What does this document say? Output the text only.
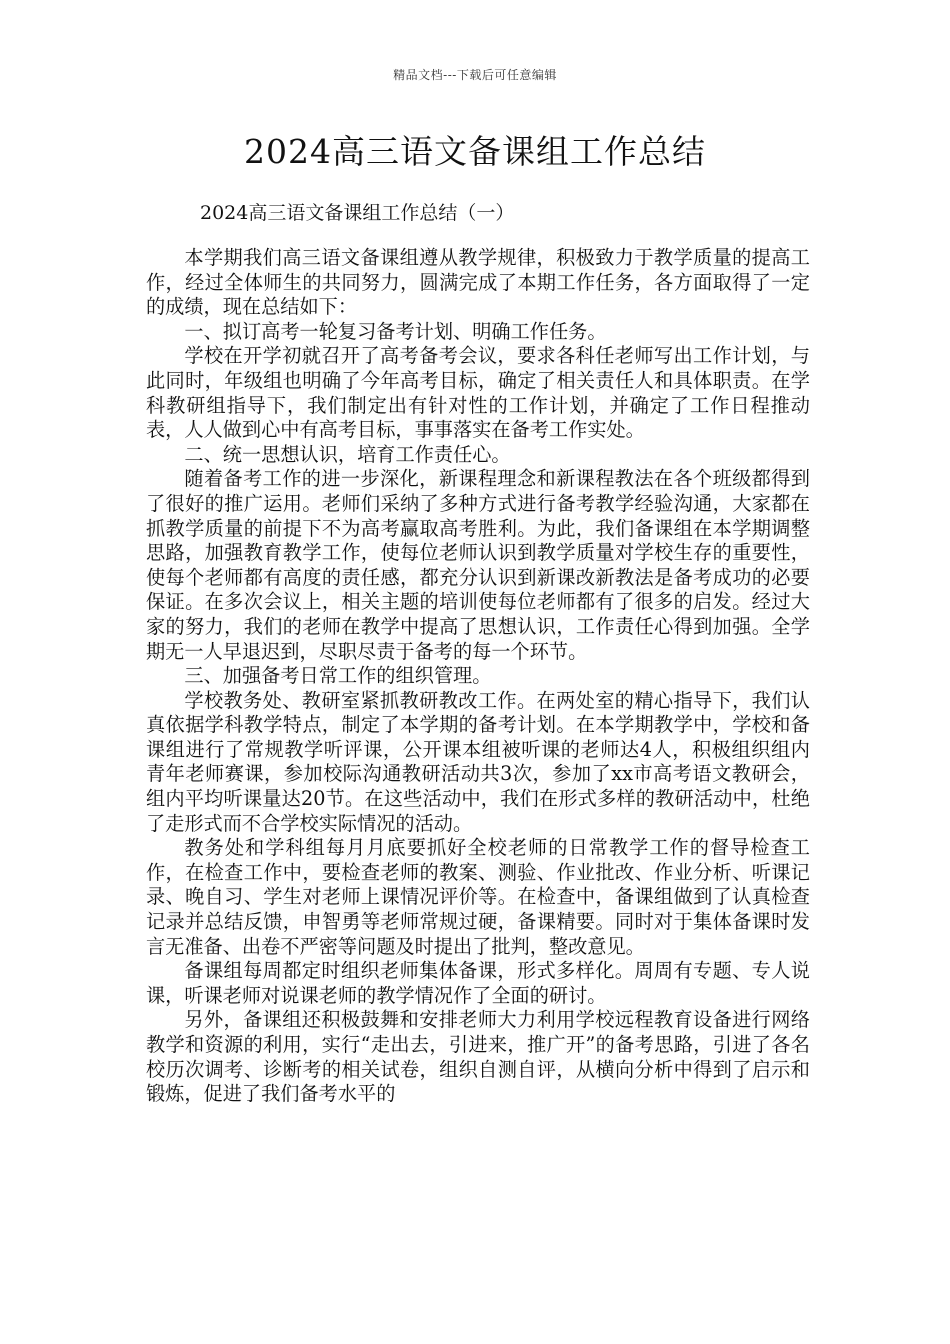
精品文档---下载后可任意编辑
2024高三语文备课组工作总结
2024高三语文备课组工作总结（一）

本学期我们高三语文备课组遵从教学规律，积极致力于教学质量的提高工作，经过全体师生的共同努力，圆满完成了本期工作任务，各方面取得了一定的成绩，现在总结如下：

一、拟订高考一轮复习备考计划、明确工作任务。

学校在开学初就召开了高考备考会议，要求各科任老师写出工作计划，与此同时，年级组也明确了今年高考目标，确定了相关责任人和具体职责。在学科教研组指导下，我们制定出有针对性的工作计划，并确定了工作日程推动表，人人做到心中有高考目标，事事落实在备考工作实处。

二、统一思想认识，培育工作责任心。

随着备考工作的进一步深化，新课程理念和新课程教法在各个班级都得到了很好的推广运用。老师们采纳了多种方式进行备考教学经验沟通，大家都在抓教学质量的前提下不为高考赢取高考胜利。为此，我们备课组在本学期调整思路，加强教育教学工作，使每位老师认识到教学质量对学校生存的重要性，使每个老师都有高度的责任感，都充分认识到新课改新教法是备考成功的必要保证。在多次会议上，相关主题的培训使每位老师都有了很多的启发。经过大家的努力，我们的老师在教学中提高了思想认识，工作责任心得到加强。全学期无一人早退迟到，尽职尽责于备考的每一个环节。

三、加强备考日常工作的组织管理。

学校教务处、教研室紧抓教研教改工作。在两处室的精心指导下，我们认真依据学科教学特点，制定了本学期的备考计划。在本学期教学中，学校和备课组进行了常规教学听评课，公开课本组被听课的老师达4人，积极组织组内青年老师赛课，参加校际沟通教研活动共3次，参加了xx市高考语文教研会，组内平均听课量达20节。在这些活动中，我们在形式多样的教研活动中，杜绝了走形式而不合学校实际情况的活动。

教务处和学科组每月月底要抓好全校老师的日常教学工作的督导检查工作，在检查工作中，要检查老师的教案、测验、作业批改、作业分析、听课记录、晚自习、学生对老师上课情况评价等。在检查中，备课组做到了认真检查记录并总结反馈，申智勇等老师常规过硬，备课精要。同时对于集体备课时发言无准备、出卷不严密等问题及时提出了批判，整改意见。

备课组每周都定时组织老师集体备课，形式多样化。周周有专题、专人说课，听课老师对说课老师的教学情况作了全面的研讨。

另外，备课组还积极鼓舞和安排老师大力利用学校远程教育设备进行网络教学和资源的利用，实行“走出去，引进来，推广开”的备考思路，引进了各名校历次调考、诊断考的相关试卷，组织自测自评，从横向分析中得到了启示和锻炼，促进了我们备考水平的
